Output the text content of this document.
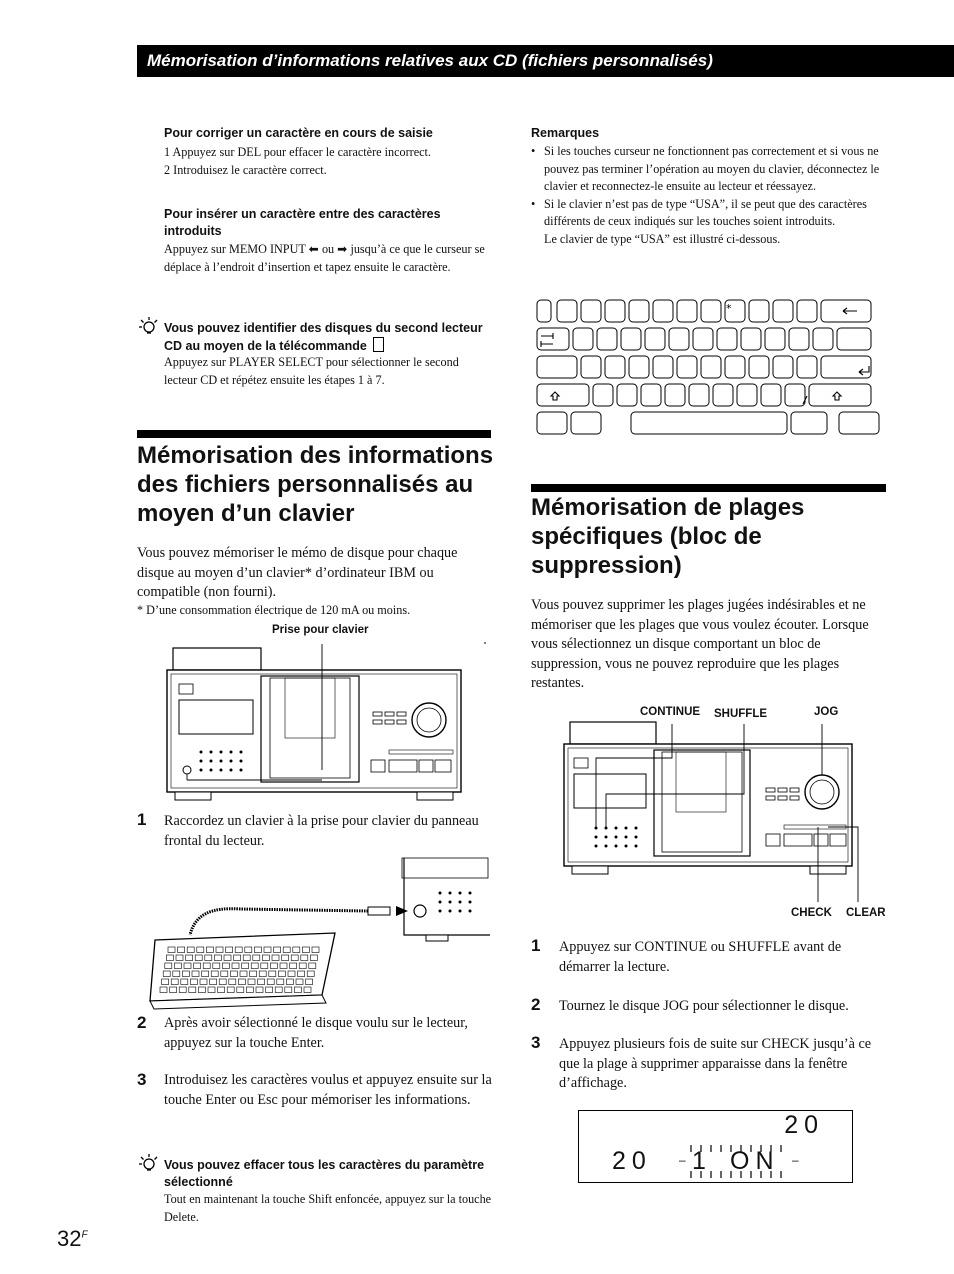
Mémorisation d’informations relatives aux CD (fichiers personnalisés)
Pour corriger un caractère en cours de saisie
1 Appuyez sur DEL pour effacer le caractère incorrect.
2 Introduisez le caractère correct.
Pour insérer un caractère entre des caractères introduits
Appuyez sur MEMO INPUT ⬅ ou ➡ jusqu’à ce que le curseur se déplace à l’endroit d’insertion et tapez ensuite le caractère.
Vous pouvez identifier des disques du second lecteur CD au moyen de la télécommande
Appuyez sur PLAYER SELECT pour sélectionner le second lecteur CD et répétez ensuite les étapes 1 à 7.
Remarques
• Si les touches curseur ne fonctionnent pas correctement et si vous ne pouvez pas terminer l’opération au moyen du clavier, déconnectez le clavier et reconnectez-le ensuite au lecteur et réessayez.
• Si le clavier n’est pas de type “USA”, il se peut que des caractères différents de ceux indiqués sur les touches soient introduits.
Le clavier de type “USA” est illustré ci-dessous.
*
Mémorisation des informations des fichiers personnalisés au moyen d’un clavier
Vous pouvez mémoriser le mémo de disque pour chaque disque au moyen d’un clavier* d’ordinateur IBM ou compatible (non fourni).
* D’une consommation électrique de 120 mA ou moins.
Prise pour clavier
1 Raccordez un clavier à la prise pour clavier du panneau frontal du lecteur.
2 Après avoir sélectionné le disque voulu sur le lecteur, appuyez sur la touche Enter.
3 Introduisez les caractères voulus et appuyez ensuite sur la touche Enter ou Esc pour mémoriser les informations.
Vous pouvez effacer tous les caractères du paramètre sélectionné
Tout en maintenant la touche Shift enfoncée, appuyez sur la touche Delete.
$32^F$
Mémorisation de plages spécifiques (bloc de suppression)
Vous pouvez supprimer les plages jugées indésirables et ne mémoriser que les plages que vous voulez écouter. Lorsque vous sélectionnez un disque comportant un bloc de suppression, vous ne pouvez reproduire que les plages restantes.
CONTINUE SHUFFLE	JOG
CHECK CLEAR
1 Appuyez sur CONTINUE ou SHUFFLE avant de démarrer la lecture.
2 Tournez le disque JOG pour sélectionner le disque.
3 Appuyez plusieurs fois de suite sur CHECK jusqu’à ce que la plage à supprimer apparaisse dans la fenêtre d’affichage.
20
20 – 1 ON –
